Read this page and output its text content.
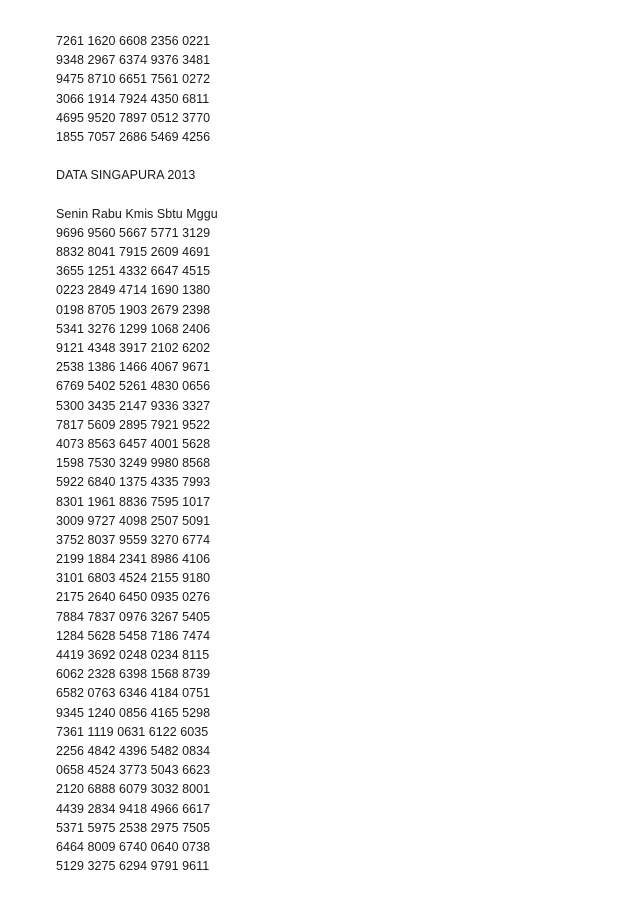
7261 1620 6608 2356 0221
9348 2967 6374 9376 3481
9475 8710 6651 7561 0272
3066 1914 7924 4350 6811
4695 9520 7897 0512 3770
1855 7057 2686 5469 4256
DATA SINGAPURA 2013
Senin Rabu Kmis Sbtu Mggu
9696 9560 5667 5771 3129
8832 8041 7915 2609 4691
3655 1251 4332 6647 4515
0223 2849 4714 1690 1380
0198 8705 1903 2679 2398
5341 3276 1299 1068 2406
9121 4348 3917 2102 6202
2538 1386 1466 4067 9671
6769 5402 5261 4830 0656
5300 3435 2147 9336 3327
7817 5609 2895 7921 9522
4073 8563 6457 4001 5628
1598 7530 3249 9980 8568
5922 6840 1375 4335 7993
8301 1961 8836 7595 1017
3009 9727 4098 2507 5091
3752 8037 9559 3270 6774
2199 1884 2341 8986 4106
3101 6803 4524 2155 9180
2175 2640 6450 0935 0276
7884 7837 0976 3267 5405
1284 5628 5458 7186 7474
4419 3692 0248 0234 8115
6062 2328 6398 1568 8739
6582 0763 6346 4184 0751
9345 1240 0856 4165 5298
7361 1119 0631 6122 6035
2256 4842 4396 5482 0834
0658 4524 3773 5043 6623
2120 6888 6079 3032 8001
4439 2834 9418 4966 6617
5371 5975 2538 2975 7505
6464 8009 6740 0640 0738
5129 3275 6294 9791 9611
